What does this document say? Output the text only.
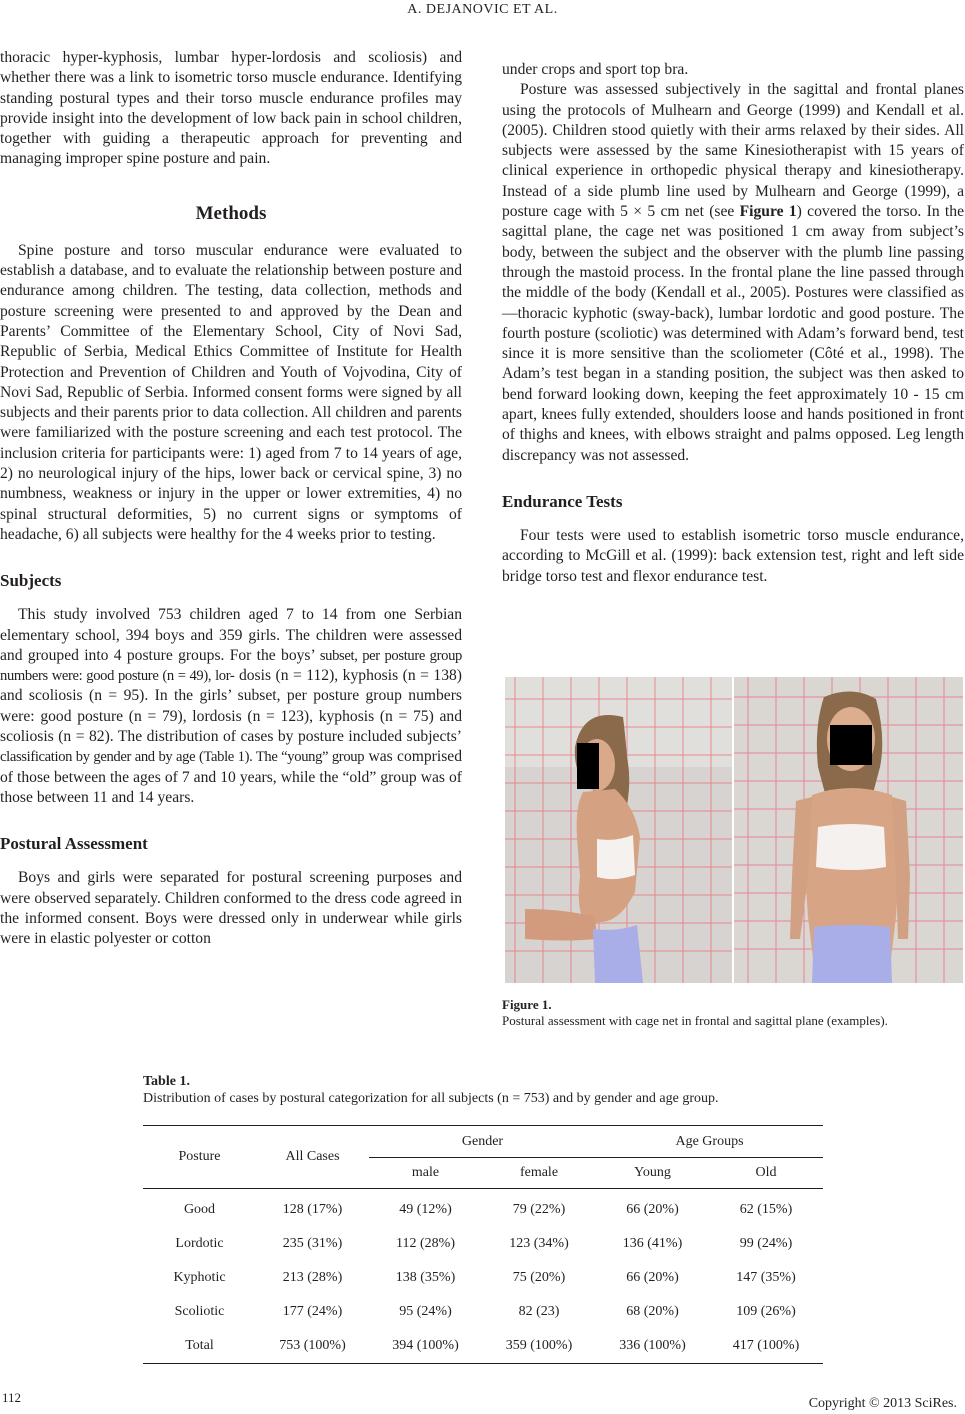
A. DEJANOVIC ET AL.

thoracic hyper-kyphosis, lumbar hyper-lordosis and scoliosis) and whether there was a link to isometric torso muscle endurance. Identifying standing postural types and their torso muscle endurance profiles may provide insight into the development of low back pain in school children, together with guiding a therapeutic approach for preventing and managing improper spine posture and pain.

Methods

Spine posture and torso muscular endurance were evaluated to establish a database, and to evaluate the relationship between posture and endurance among children. The testing, data collection, methods and posture screening were presented to and approved by the Dean and Parents’ Committee of the Elementary School, City of Novi Sad, Republic of Serbia, Medical Ethics Committee of Institute for Health Protection and Prevention of Children and Youth of Vojvodina, City of Novi Sad, Republic of Serbia. Informed consent forms were signed by all subjects and their parents prior to data collection. All children and parents were familiarized with the posture screening and each test protocol. The inclusion criteria for participants were: 1) aged from 7 to 14 years of age, 2) no neurological injury of the hips, lower back or cervical spine, 3) no numbness, weakness or injury in the upper or lower extremities, 4) no spinal structural deformities, 5) no current signs or symptoms of headache, 6) all subjects were healthy for the 4 weeks prior to testing.

Subjects

This study involved 753 children aged 7 to 14 from one Serbian elementary school, 394 boys and 359 girls. The children were assessed and grouped into 4 posture groups. For the boys’ subset, per posture group numbers were: good posture (n = 49), lor- dosis (n = 112), kyphosis (n = 138) and scoliosis (n = 95). In the girls’ subset, per posture group numbers were: good posture (n = 79), lordosis (n = 123), kyphosis (n = 75) and scoliosis (n = 82). The distribution of cases by posture included subjects’ classification by gender and by age (Table 1). The “young” group was comprised of those between the ages of 7 and 10 years, while the “old” group was of those between 11 and 14 years.

Postural Assessment

Boys and girls were separated for postural screening purposes and were observed separately. Children conformed to the dress code agreed in the informed consent. Boys were dressed only in underwear while girls were in elastic polyester or cotton

under crops and sport top bra.

Posture was assessed subjectively in the sagittal and frontal planes using the protocols of Mulhearn and George (1999) and Kendall et al. (2005). Children stood quietly with their arms relaxed by their sides. All subjects were assessed by the same Kinesiotherapist with 15 years of clinical experience in orthopedic physical therapy and kinesiotherapy. Instead of a side plumb line used by Mulhearn and George (1999), a posture cage with 5 × 5 cm net (see Figure 1) covered the torso. In the sagittal plane, the cage net was positioned 1 cm away from subject’s body, between the subject and the observer with the plumb line passing through the mastoid process. In the frontal plane the line passed through the middle of the body (Kendall et al., 2005). Postures were classified as—thoracic kyphotic (sway-back), lumbar lordotic and good posture. The fourth posture (scoliotic) was determined with Adam’s forward bend, test since it is more sensitive than the scoliometer (Côté et al., 1998). The Adam’s test began in a standing position, the subject was then asked to bend forward looking down, keeping the feet approximately 10 - 15 cm apart, knees fully extended, shoulders loose and hands positioned in front of thighs and knees, with elbows straight and palms opposed. Leg length discrepancy was not assessed.

Endurance Tests

Four tests were used to establish isometric torso muscle endurance, according to McGill et al. (1999): back extension test, right and left side bridge torso test and flexor endurance test.

Figure 1.
Postural assessment with cage net in frontal and sagittal plane (examples).
Table 1.
Distribution of cases by postural categorization for all subjects (n = 753) and by gender and age group.
Posture	All Cases	Gender		Age Groups	
		male	female	Young	Old
Good	128 (17%)	49 (12%)	79 (22%)	66 (20%)	62 (15%)
Lordotic	235 (31%)	112 (28%)	123 (34%)	136 (41%)	99 (24%)
Kyphotic	213 (28%)	138 (35%)	75 (20%)	66 (20%)	147 (35%)
Scoliotic	177 (24%)	95 (24%)	82 (23)	68 (20%)	109 (26%)
Total	753 (100%)	394 (100%)	359 (100%)	336 (100%)	417 (100%)
112	Copyright © 2013 SciRes.
